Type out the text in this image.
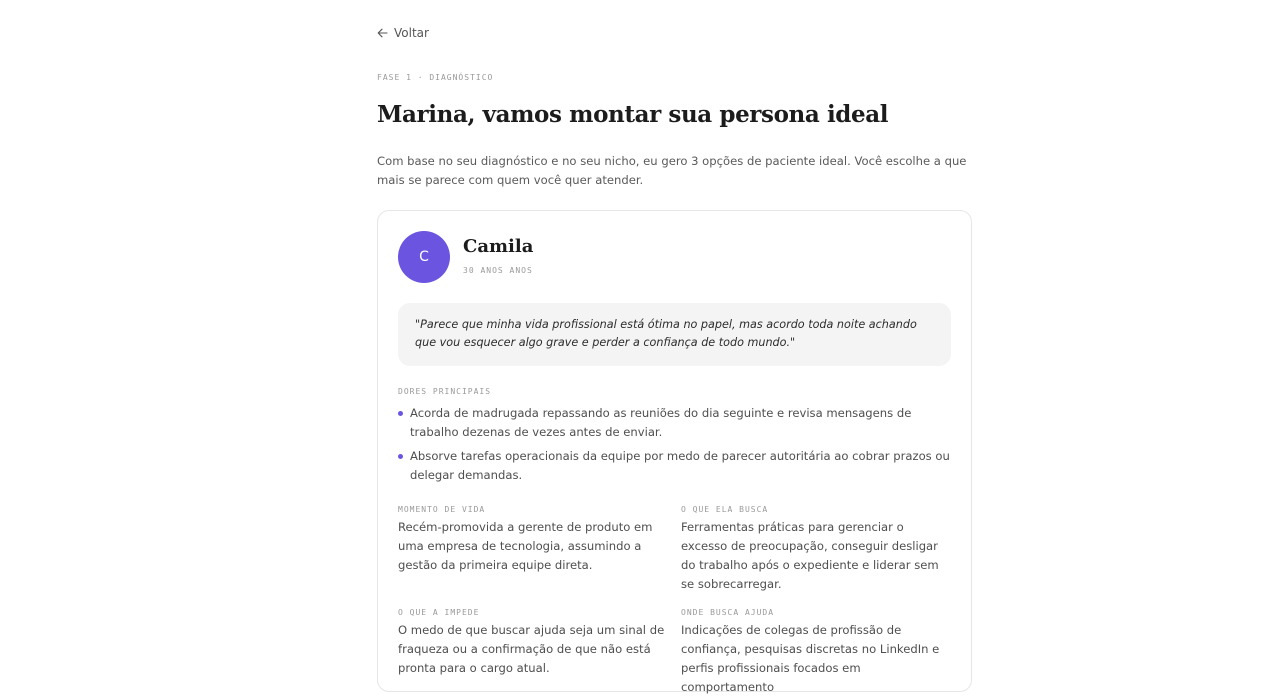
Voltar
FASE 1 · DIAGNÓSTICO
Marina, vamos montar sua persona ideal

Com base no seu diagnóstico e no seu nicho, eu gero 3 opções de paciente ideal. Você escolhe a que mais se parece com quem você quer atender.

C Camila
30 ANOS ANOS
"Parece que minha vida profissional está ótima no papel, mas acordo toda noite achando que vou esquecer algo grave e perder a confiança de todo mundo."
DORES PRINCIPAIS
Acorda de madrugada repassando as reuniões do dia seguinte e revisa mensagens de trabalho dezenas de vezes antes de enviar.
Absorve tarefas operacionais da equipe por medo de parecer autoritária ao cobrar prazos ou delegar demandas.
MOMENTO DE VIDA
Recém-promovida a gerente de produto em uma empresa de tecnologia, assumindo a gestão da primeira equipe direta.
O QUE ELA BUSCA
Ferramentas práticas para gerenciar o excesso de preocupação, conseguir desligar do trabalho após o expediente e liderar sem se sobrecarregar.
O QUE A IMPEDE
O medo de que buscar ajuda seja um sinal de fraqueza ou a confirmação de que não está pronta para o cargo atual.
ONDE BUSCA AJUDA
Indicações de colegas de profissão de confiança, pesquisas discretas no LinkedIn e perfis profissionais focados em comportamento
